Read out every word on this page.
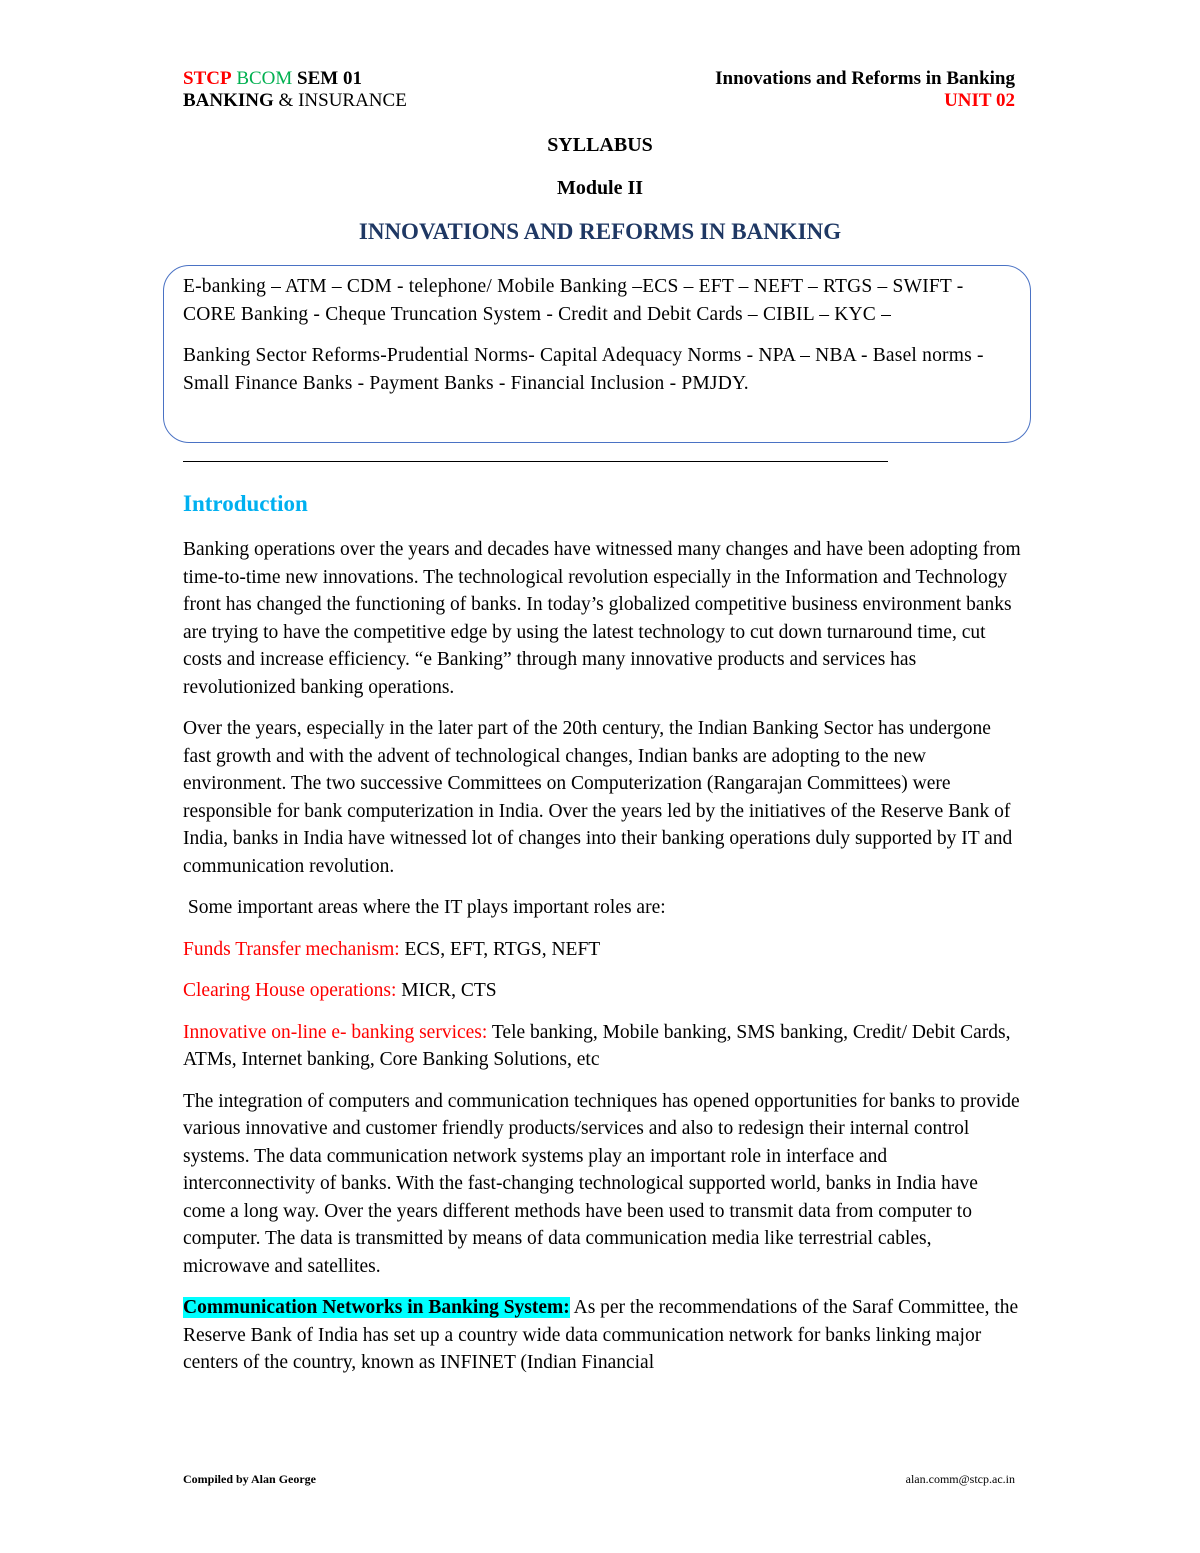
STCP BCOM SEM 01
BANKING & INSURANCE
Innovations and Reforms in Banking
UNIT 02
SYLLABUS
Module II
INNOVATIONS AND REFORMS IN BANKING

E-banking – ATM – CDM - telephone/ Mobile Banking –ECS – EFT – NEFT – RTGS – SWIFT - CORE Banking - Cheque Truncation System - Credit and Debit Cards – CIBIL – KYC –

Banking Sector Reforms-Prudential Norms- Capital Adequacy Norms - NPA – NBA - Basel norms - Small Finance Banks - Payment Banks - Financial Inclusion - PMJDY.

Introduction

Banking operations over the years and decades have witnessed many changes and have been adopting from time-to-time new innovations. The technological revolution especially in the Information and Technology front has changed the functioning of banks. In today’s globalized competitive business environment banks are trying to have the competitive edge by using the latest technology to cut down turnaround time, cut costs and increase efficiency. “e Banking” through many innovative products and services has revolutionized banking operations.

Over the years, especially in the later part of the 20th century, the Indian Banking Sector has undergone fast growth and with the advent of technological changes, Indian banks are adopting to the new environment. The two successive Committees on Computerization (Rangarajan Committees) were responsible for bank computerization in India. Over the years led by the initiatives of the Reserve Bank of India, banks in India have witnessed lot of changes into their banking operations duly supported by IT and communication revolution.

Some important areas where the IT plays important roles are:

Funds Transfer mechanism: ECS, EFT, RTGS, NEFT

Clearing House operations: MICR, CTS

Innovative on-line e- banking services: Tele banking, Mobile banking, SMS banking, Credit/ Debit Cards, ATMs, Internet banking, Core Banking Solutions, etc

The integration of computers and communication techniques has opened opportunities for banks to provide various innovative and customer friendly products/services and also to redesign their internal control systems. The data communication network systems play an important role in interface and interconnectivity of banks. With the fast-changing technological supported world, banks in India have come a long way. Over the years different methods have been used to transmit data from computer to computer. The data is transmitted by means of data communication media like terrestrial cables, microwave and satellites.

Communication Networks in Banking System: As per the recommendations of the Saraf Committee, the Reserve Bank of India has set up a country wide data communication network for banks linking major centers of the country, known as INFINET (Indian Financial

Compiled by Alan George	alan.comm@stcp.ac.in
